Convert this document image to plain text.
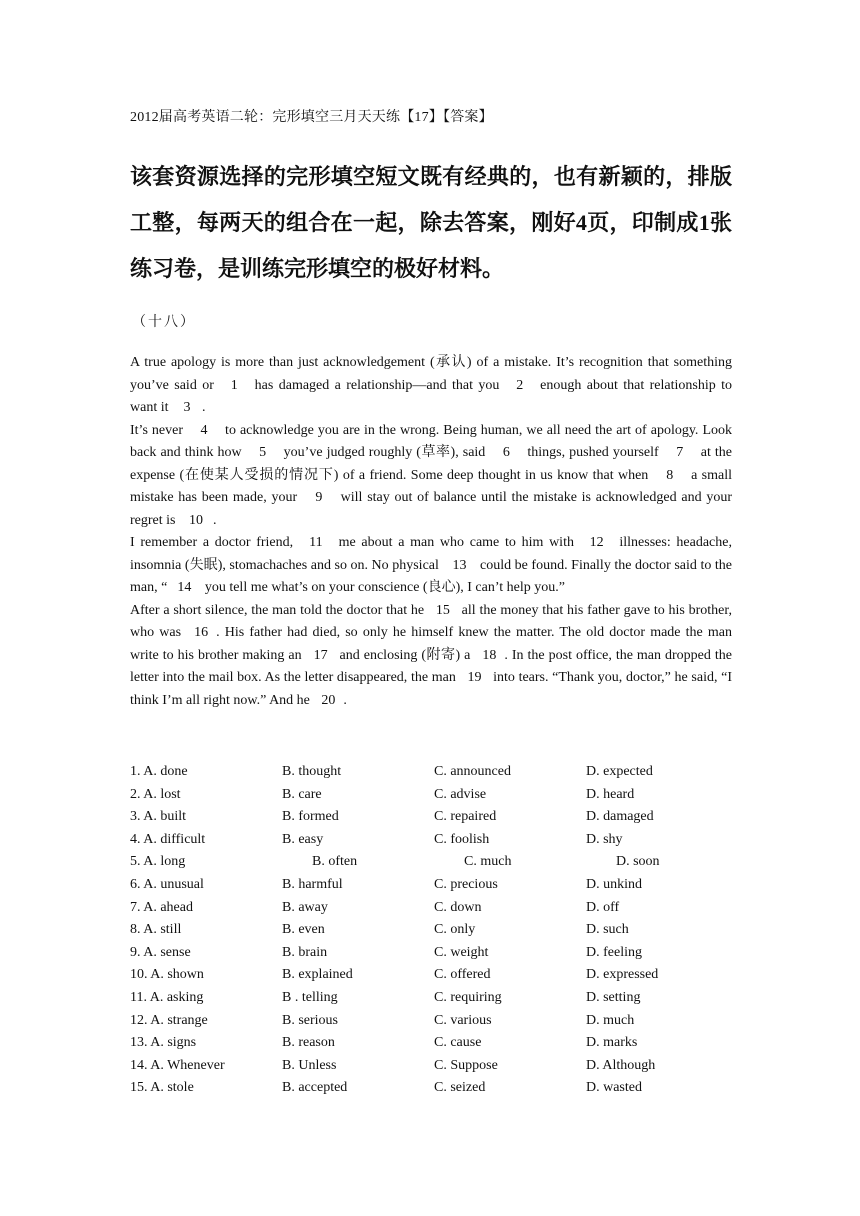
2012届高考英语二轮：完形填空三月天天练【17】【答案】
该套资源选择的完形填空短文既有经典的，也有新颖的，排版工整，每两天的组合在一起，除去答案，刚好4页，印制成1张练习卷，是训练完形填空的极好材料。
（十八）

A true apology is more than just acknowledgement (承认) of a mistake. It’s recognition that something you’ve said or 1 has damaged a relationship—and that you 2 enough about that relationship to want it 3 .

It’s never 4 to acknowledge you are in the wrong. Being human, we all need the art of apology. Look back and think how 5 you’ve judged roughly (草率), said 6 things, pushed yourself 7 at the expense (在使某人受损的情况下) of a friend. Some deep thought in us know that when 8 a small mistake has been made, your 9 will stay out of balance until the mistake is acknowledged and your regret is 10 .

I remember a doctor friend, 11 me about a man who came to him with 12 illnesses: headache, insomnia (失眠), stomachaches and so on. No physical 13 could be found. Finally the doctor said to the man, “ 14 you tell me what’s on your conscience (良心), I can’t help you.”

After a short silence, the man told the doctor that he 15 all the money that his father gave to his brother, who was 16 . His father had died, so only he himself knew the matter. The old doctor made the man write to his brother making an 17 and enclosing (附寄) a 18 . In the post office, the man dropped the letter into the mail box. As the letter disappeared, the man 19 into tears. “Thank you, doctor,” he said, “I think I’m all right now.” And he 20 .

1. A. done	B. thought	C. announced	D. expected
2. A. lost	B. care	C. advise	D. heard
3. A. built	B. formed	C. repaired	D. damaged
4. A. difficult	B. easy	C. foolish	D. shy
5. A. long	B. often	C. much	D. soon
6. A. unusual	B. harmful	C. precious	D. unkind
7. A. ahead	B. away	C. down	D. off
8. A. still	B. even	C. only	D. such
9. A. sense	B. brain	C. weight	D. feeling
10. A. shown	B. explained	C. offered	D. expressed
11. A. asking	B . telling	C. requiring	D. setting
12. A. strange	B. serious	C. various	D. much
13. A. signs	B. reason	C. cause	D. marks
14. A. Whenever	B. Unless	C. Suppose	D. Although
15. A. stole	B. accepted	C. seized	D. wasted
